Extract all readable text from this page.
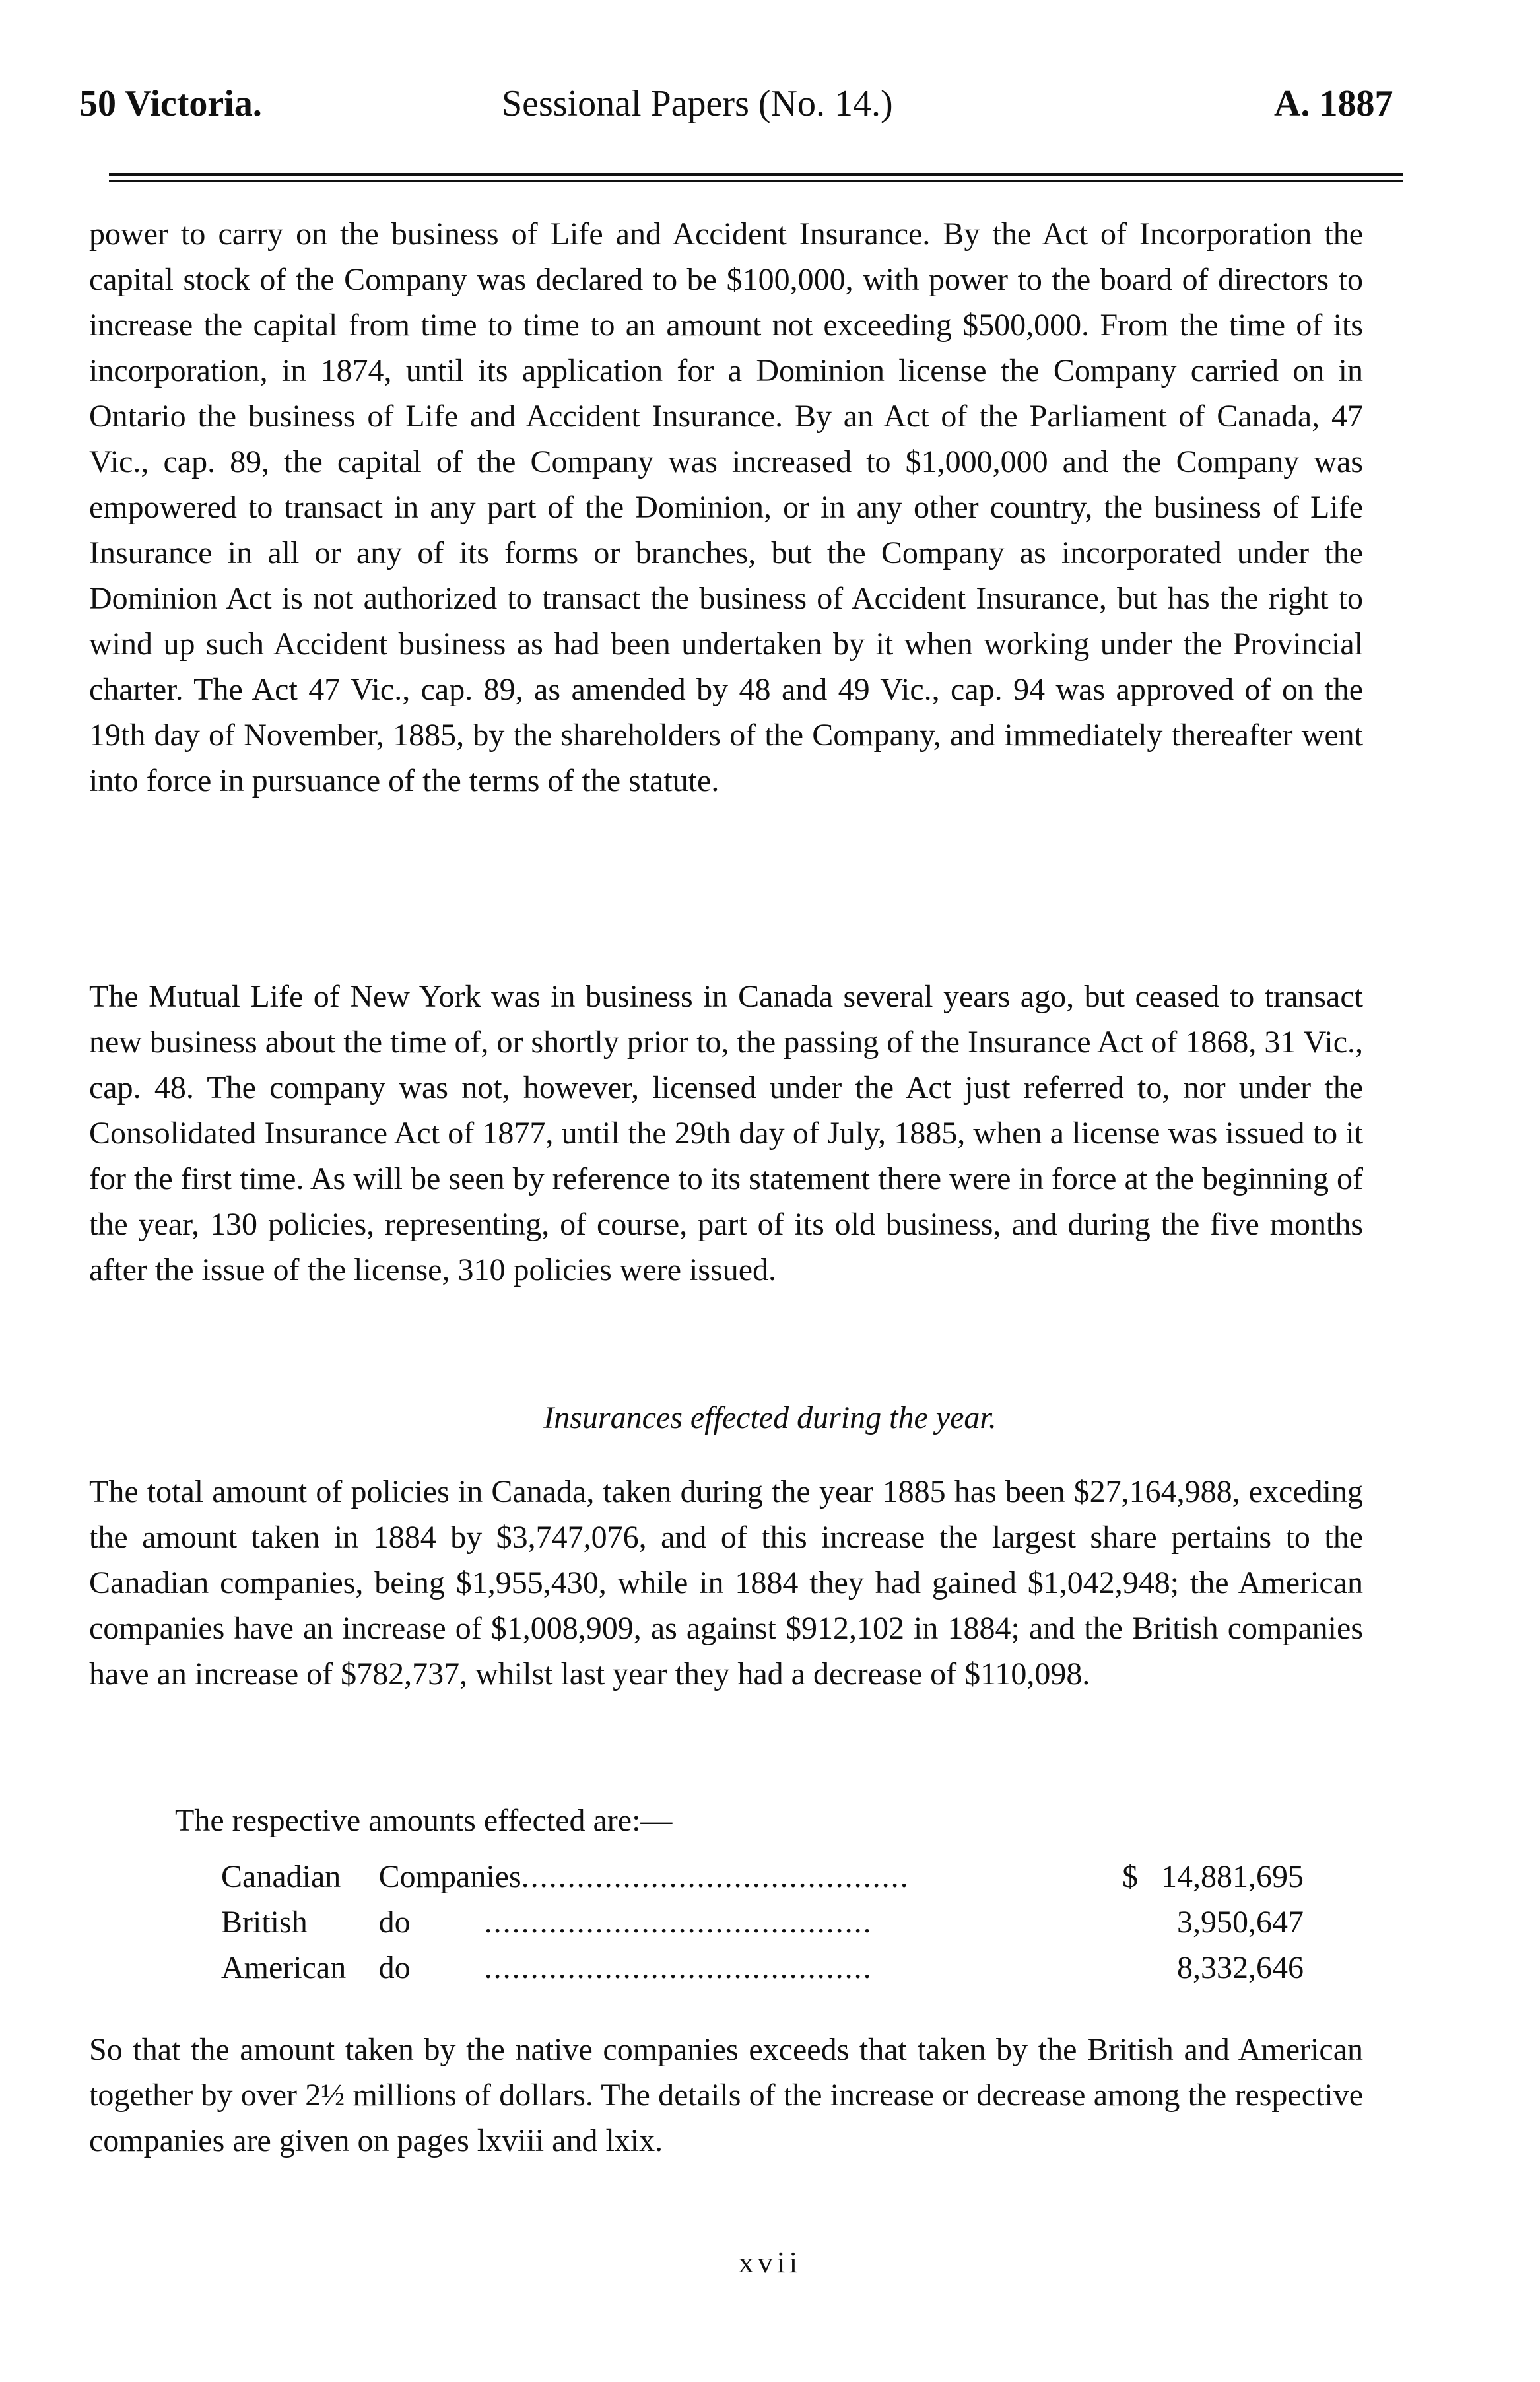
50 Victoria.	Sessional Papers (No. 14.)	A. 1887

power to carry on the business of Life and Accident Insurance. By the Act of Incorporation the capital stock of the Company was declared to be $100,000, with power to the board of directors to increase the capital from time to time to an amount not exceeding $500,000. From the time of its incorporation, in 1874, until its application for a Dominion license the Company carried on in Ontario the business of Life and Accident Insurance. By an Act of the Parliament of Canada, 47 Vic., cap. 89, the capital of the Company was increased to $1,000,000 and the Company was empowered to transact in any part of the Dominion, or in any other country, the business of Life Insurance in all or any of its forms or branches, but the Company as incorporated under the Dominion Act is not authorized to transact the business of Accident Insurance, but has the right to wind up such Accident business as had been undertaken by it when working under the Provincial charter. The Act 47 Vic., cap. 89, as amended by 48 and 49 Vic., cap. 94 was approved of on the 19th day of November, 1885, by the shareholders of the Company, and immediately thereafter went into force in pursuance of the terms of the statute.

The Mutual Life of New York was in business in Canada several years ago, but ceased to transact new business about the time of, or shortly prior to, the passing of the Insurance Act of 1868, 31 Vic., cap. 48. The company was not, however, licensed under the Act just referred to, nor under the Consolidated Insurance Act of 1877, until the 29th day of July, 1885, when a license was issued to it for the first time. As will be seen by reference to its statement there were in force at the beginning of the year, 130 policies, representing, of course, part of its old business, and during the five months after the issue of the license, 310 policies were issued.

Insurances effected during the year.

The total amount of policies in Canada, taken during the year 1885 has been $27,164,988, exceding the amount taken in 1884 by $3,747,076, and of this increase the largest share pertains to the Canadian companies, being $1,955,430, while in 1884 they had gained $1,042,948; the American companies have an increase of $1,008,909, as against $912,102 in 1884; and the British companies have an increase of $782,737, whilst last year they had a decrease of $110,098.

The respective amounts effected are:—

Canadian	Companies..........................................	$	14,881,695
British	do ..........................................		3,950,647
American	do ..........................................		8,332,646

So that the amount taken by the native companies exceeds that taken by the British and American together by over 2½ millions of dollars. The details of the increase or decrease among the respective companies are given on pages lxviii and lxix.

xvii
